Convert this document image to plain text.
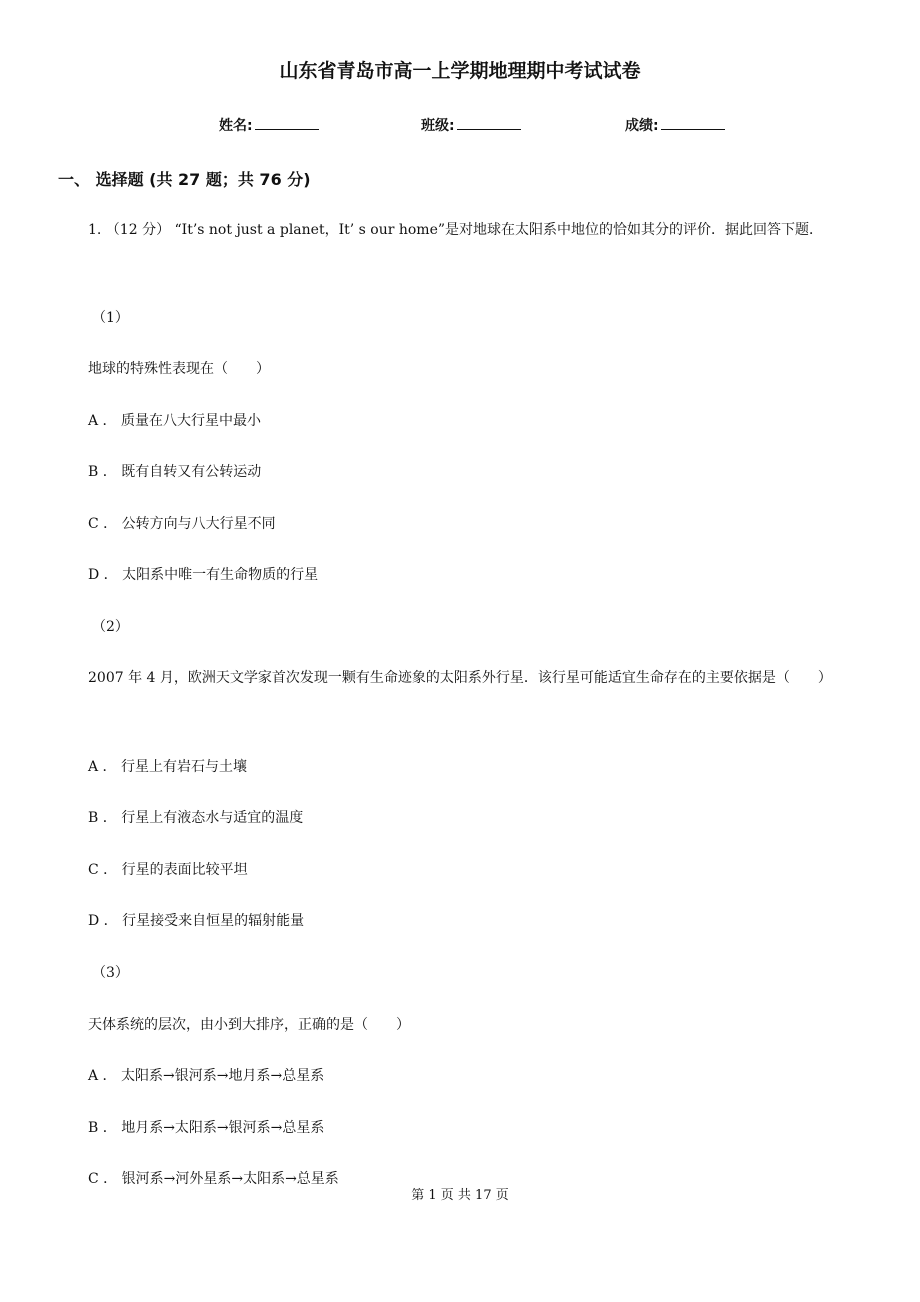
山东省青岛市高一上学期地理期中考试试卷
姓名:	班级:	成绩:
一、 选择题 (共 27 题；共 76 分)

1. （12 分） “It’s not just a planet，It’ s our home”是对地球在太阳系中地位的恰如其分的评价．据此回答下题．

（1）
地球的特殊性表现在（　　）
A ． 质量在八大行星中最小
B ． 既有自转又有公转运动
C ． 公转方向与八大行星不同
D ． 太阳系中唯一有生命物质的行星
（2）

2007 年 4 月，欧洲天文学家首次发现一颗有生命迹象的太阳系外行星．该行星可能适宜生命存在的主要依据是（　　）

A ． 行星上有岩石与土壤
B ． 行星上有液态水与适宜的温度
C ． 行星的表面比较平坦
D ． 行星接受来自恒星的辐射能量
（3）
天体系统的层次，由小到大排序，正确的是（　　）
A ． 太阳系→银河系→地月系→总星系
B ． 地月系→太阳系→银河系→总星系
C ． 银河系→河外星系→太阳系→总星系
第 1 页 共 17 页
